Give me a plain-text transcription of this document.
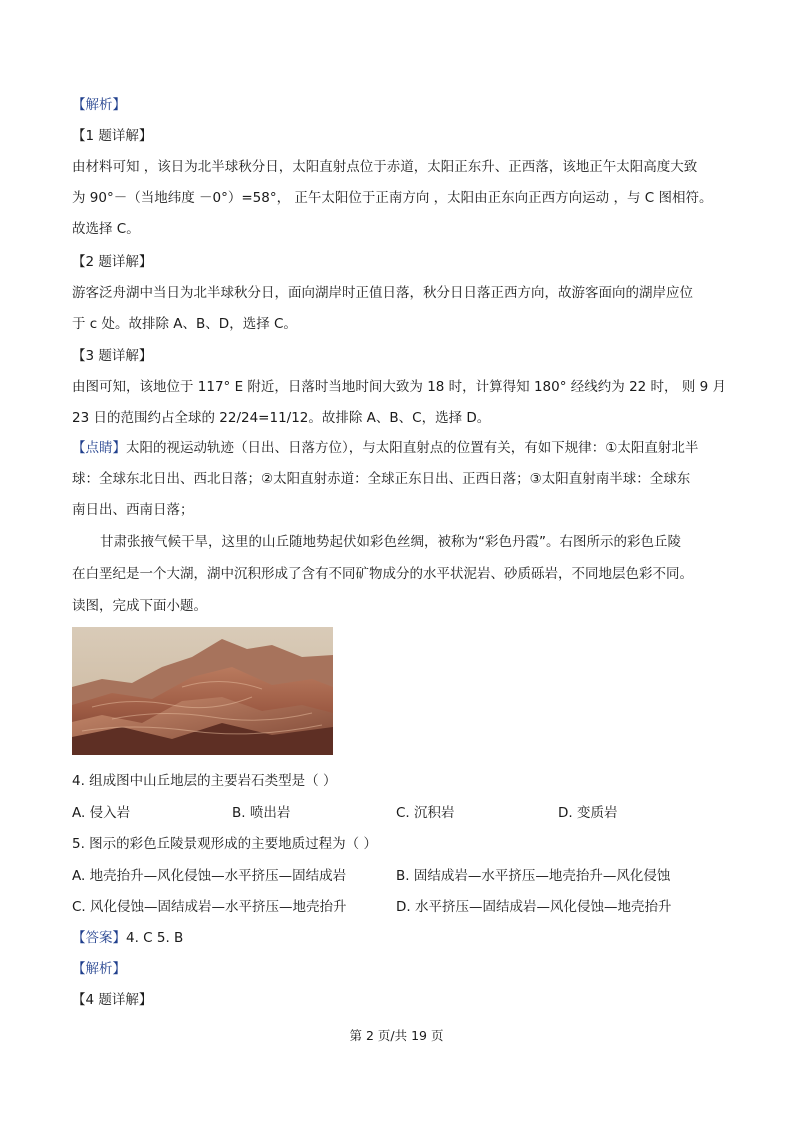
【解析】
【1 题详解】
由材料可知 ，该日为北半球秋分日，太阳直射点位于赤道，太阳正东升、正西落，该地正午太阳高度大致
为 90°－（当地纬度 －0°）=58°， 正午太阳位于正南方向 ，太阳由正东向正西方向运动 ，与 C 图相符。
故选择 C。
【2 题详解】
游客泛舟湖中当日为北半球秋分日，面向湖岸时正值日落，秋分日日落正西方向，故游客面向的湖岸应位
于 c 处。故排除 A、B、D，选择 C。
【3 题详解】
由图可知，该地位于 117° E 附近，日落时当地时间大致为 18 时，计算得知 180° 经线约为 22 时， 则 9 月
23 日的范围约占全球的 22/24=11/12。故排除 A、B、C，选择 D。
【点睛】太阳的视运动轨迹（日出、日落方位），与太阳直射点的位置有关，有如下规律：①太阳直射北半
球：全球东北日出、西北日落；②太阳直射赤道：全球正东日出、正西日落；③太阳直射南半球：全球东
南日出、西南日落；
甘肃张掖气候干旱，这里的山丘随地势起伏如彩色丝绸，被称为“彩色丹霞”。右图所示的彩色丘陵
在白垩纪是一个大湖，湖中沉积形成了含有不同矿物成分的水平状泥岩、砂质砾岩，不同地层色彩不同。
读图，完成下面小题。
4. 组成图中山丘地层的主要岩石类型是（ ）
A. 侵入岩	B. 喷出岩	C. 沉积岩	D. 变质岩
5. 图示的彩色丘陵景观形成的主要地质过程为（ ）
A. 地壳抬升—风化侵蚀—水平挤压—固结成岩	B. 固结成岩—水平挤压—地壳抬升—风化侵蚀
C. 风化侵蚀—固结成岩—水平挤压—地壳抬升	D. 水平挤压—固结成岩—风化侵蚀—地壳抬升
【答案】4. C 5. B
【解析】
【4 题详解】
第 2 页/共 19 页
